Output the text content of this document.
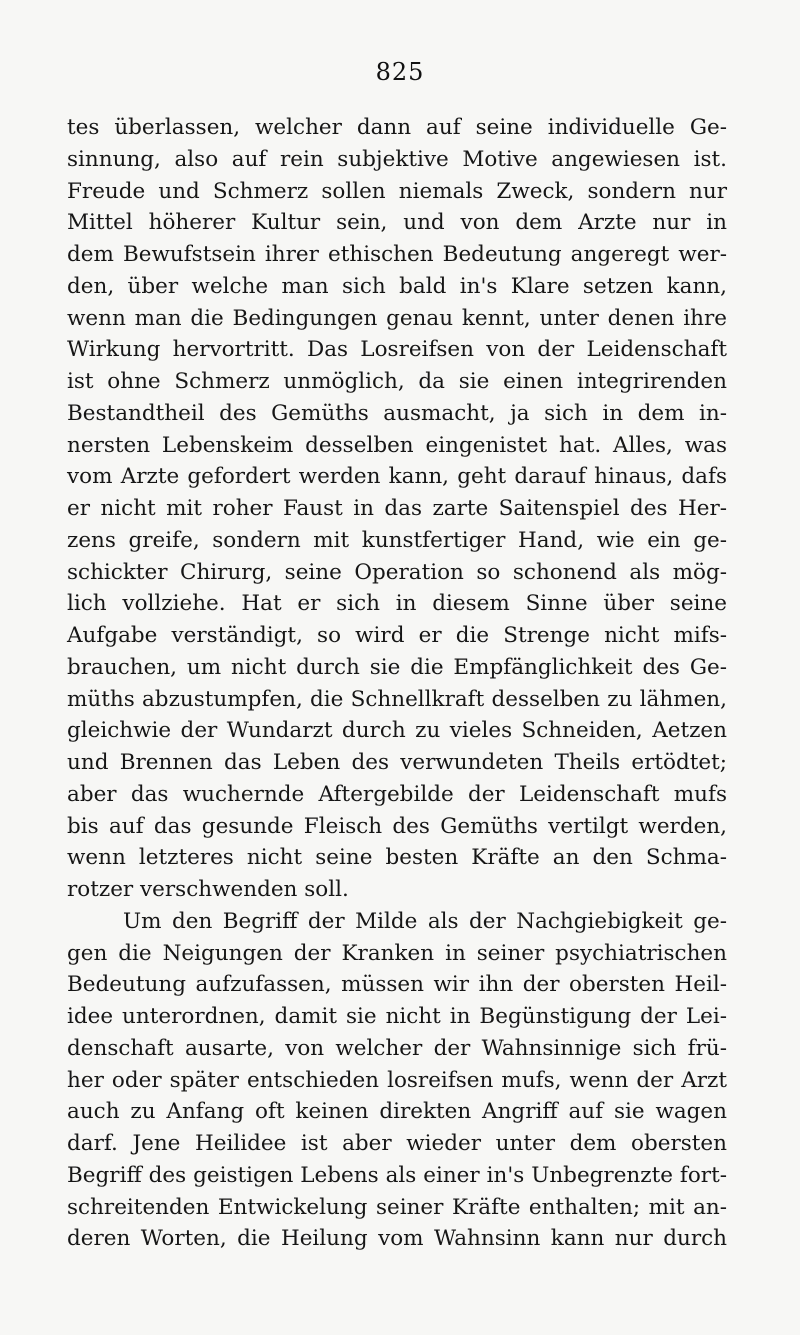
825
tes überlassen, welcher dann auf seine individuelle Ge-
sinnung, also auf rein subjektive Motive angewiesen ist.
Freude und Schmerz sollen niemals Zweck, sondern nur
Mittel höherer Kultur sein, und von dem Arzte nur in
dem Bewufstsein ihrer ethischen Bedeutung angeregt wer-
den, über welche man sich bald in's Klare setzen kann,
wenn man die Bedingungen genau kennt, unter denen ihre
Wirkung hervortritt. Das Losreifsen von der Leidenschaft
ist ohne Schmerz unmöglich, da sie einen integrirenden
Bestandtheil des Gemüths ausmacht, ja sich in dem in-
nersten Lebenskeim desselben eingenistet hat. Alles, was
vom Arzte gefordert werden kann, geht darauf hinaus, dafs
er nicht mit roher Faust in das zarte Saitenspiel des Her-
zens greife, sondern mit kunstfertiger Hand, wie ein ge-
schickter Chirurg, seine Operation so schonend als mög-
lich vollziehe. Hat er sich in diesem Sinne über seine
Aufgabe verständigt, so wird er die Strenge nicht mifs-
brauchen, um nicht durch sie die Empfänglichkeit des Ge-
müths abzustumpfen, die Schnellkraft desselben zu lähmen,
gleichwie der Wundarzt durch zu vieles Schneiden, Aetzen
und Brennen das Leben des verwundeten Theils ertödtet;
aber das wuchernde Aftergebilde der Leidenschaft mufs
bis auf das gesunde Fleisch des Gemüths vertilgt werden,
wenn letzteres nicht seine besten Kräfte an den Schma-
rotzer verschwenden soll.
Um den Begriff der Milde als der Nachgiebigkeit ge-
gen die Neigungen der Kranken in seiner psychiatrischen
Bedeutung aufzufassen, müssen wir ihn der obersten Heil-
idee unterordnen, damit sie nicht in Begünstigung der Lei-
denschaft ausarte, von welcher der Wahnsinnige sich frü-
her oder später entschieden losreifsen mufs, wenn der Arzt
auch zu Anfang oft keinen direkten Angriff auf sie wagen
darf. Jene Heilidee ist aber wieder unter dem obersten
Begriff des geistigen Lebens als einer in's Unbegrenzte fort-
schreitenden Entwickelung seiner Kräfte enthalten; mit an-
deren Worten, die Heilung vom Wahnsinn kann nur durch
